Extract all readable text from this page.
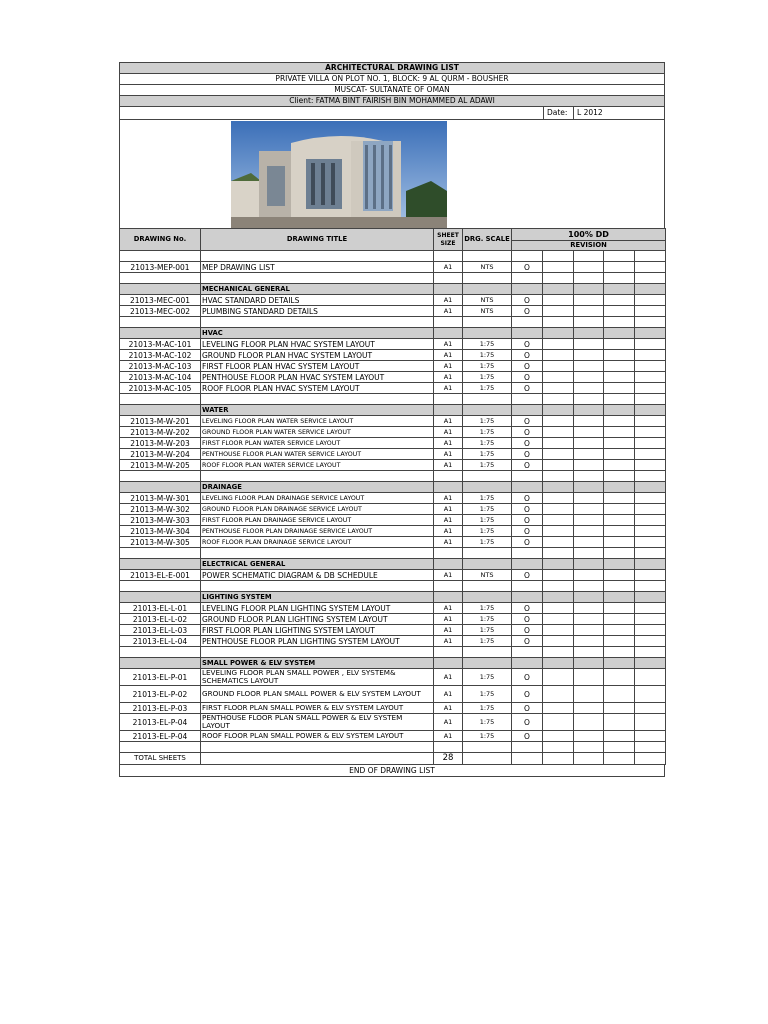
ARCHITECTURAL DRAWING LIST
PRIVATE VILLA ON PLOT NO. 1, BLOCK: 9 AL QURM - BOUSHER
MUSCAT- SULTANATE OF OMAN
Client: FATMA BINT FAIRISH BIN MOHAMMED AL ADAWI
Date:	L 2012
DRAWING No.	DRAWING TITLE	SHEET SIZE	DRG. SCALE	100% DD				
				REVISION				

21013-MEP-001	MEP DRAWING LIST	A1	NTS	O				

	MECHANICAL GENERAL							
21013-MEC-001	HVAC STANDARD DETAILS	A1	NTS	O				
21013-MEC-002	PLUMBING STANDARD DETAILS	A1	NTS	O				

	HVAC							
21013-M-AC-101	LEVELING FLOOR PLAN HVAC SYSTEM LAYOUT	A1	1:75	O				
21013-M-AC-102	GROUND FLOOR PLAN HVAC SYSTEM LAYOUT	A1	1:75	O				
21013-M-AC-103	FIRST FLOOR PLAN HVAC SYSTEM LAYOUT	A1	1:75	O				
21013-M-AC-104	PENTHOUSE FLOOR PLAN HVAC SYSTEM LAYOUT	A1	1:75	O				
21013-M-AC-105	ROOF FLOOR PLAN HVAC SYSTEM LAYOUT	A1	1:75	O				

	WATER							
21013-M-W-201	LEVELING FLOOR PLAN WATER SERVICE LAYOUT	A1	1:75	O				
21013-M-W-202	GROUND FLOOR PLAN WATER SERVICE LAYOUT	A1	1:75	O				
21013-M-W-203	FIRST FLOOR PLAN WATER SERVICE LAYOUT	A1	1:75	O				
21013-M-W-204	PENTHOUSE FLOOR PLAN WATER SERVICE LAYOUT	A1	1:75	O				
21013-M-W-205	ROOF FLOOR PLAN WATER SERVICE LAYOUT	A1	1:75	O				

	DRAINAGE							
21013-M-W-301	LEVELING FLOOR PLAN DRAINAGE SERVICE LAYOUT	A1	1:75	O				
21013-M-W-302	GROUND FLOOR PLAN DRAINAGE SERVICE LAYOUT	A1	1:75	O				
21013-M-W-303	FIRST FLOOR PLAN DRAINAGE SERVICE LAYOUT	A1	1:75	O				
21013-M-W-304	PENTHOUSE FLOOR PLAN DRAINAGE SERVICE LAYOUT	A1	1:75	O				
21013-M-W-305	ROOF FLOOR PLAN DRAINAGE SERVICE LAYOUT	A1	1:75	O				

	ELECTRICAL GENERAL							
21013-EL-E-001	POWER SCHEMATIC DIAGRAM & DB SCHEDULE	A1	NTS	O				

	LIGHTING SYSTEM							
21013-EL-L-01	LEVELING FLOOR PLAN LIGHTING SYSTEM LAYOUT	A1	1:75	O				
21013-EL-L-02	GROUND FLOOR PLAN LIGHTING SYSTEM LAYOUT	A1	1:75	O				
21013-EL-L-03	FIRST FLOOR PLAN LIGHTING SYSTEM LAYOUT	A1	1:75	O				
21013-EL-L-04	PENTHOUSE FLOOR PLAN LIGHTING SYSTEM LAYOUT	A1	1:75	O				

	SMALL POWER & ELV SYSTEM							
21013-EL-P-01	LEVELING FLOOR PLAN SMALL POWER , ELV SYSTEM& SCHEMATICS LAYOUT	A1	1:75	O				
21013-EL-P-02	GROUND FLOOR PLAN SMALL POWER & ELV SYSTEM LAYOUT	A1	1:75	O				
21013-EL-P-03	FIRST FLOOR PLAN SMALL POWER & ELV SYSTEM LAYOUT	A1	1:75	O				
21013-EL-P-04	PENTHOUSE FLOOR PLAN SMALL POWER & ELV SYSTEM LAYOUT	A1	1:75	O				
21013-EL-P-04	ROOF FLOOR PLAN SMALL POWER & ELV SYSTEM LAYOUT	A1	1:75	O				

TOTAL SHEETS		28						
END OF DRAWING LIST
